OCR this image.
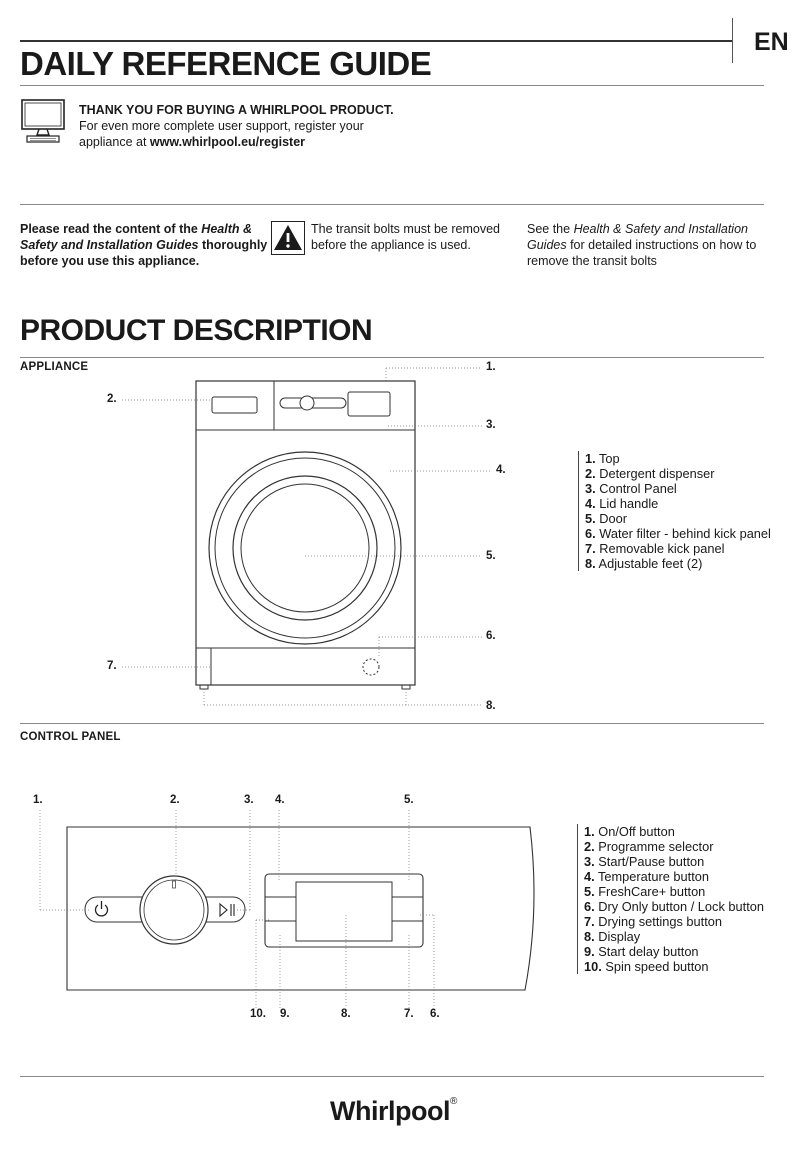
EN
DAILY REFERENCE GUIDE
THANK YOU FOR BUYING A WHIRLPOOL PRODUCT.
For even more complete user support, register your
appliance at www.whirlpool.eu/register
Please read the content of the Health &
Safety and Installation Guides thoroughly
before you use this appliance.
The transit bolts must be removed
before the appliance is used.
See the Health & Safety and Installation
Guides for detailed instructions on how to
remove the transit bolts
PRODUCT DESCRIPTION
APPLIANCE	1.
2.
3.
4.
5.
6.
7.
8.
1. Top
2. Detergent dispenser
3. Control Panel
4. Lid handle
5. Door
6. Water filter - behind kick panel
7. Removable kick panel
8. Adjustable feet (2)
CONTROL PANEL
1.	2.	3. 4.	5.
10. 9.	8.	7. 6.
1. On/Off button
2. Programme selector
3. Start/Pause button
4. Temperature button
5. FreshCare+ button
6. Dry Only button / Lock button
7. Drying settings button
8. Display
9. Start delay button
10. Spin speed button
Whirlpool®
